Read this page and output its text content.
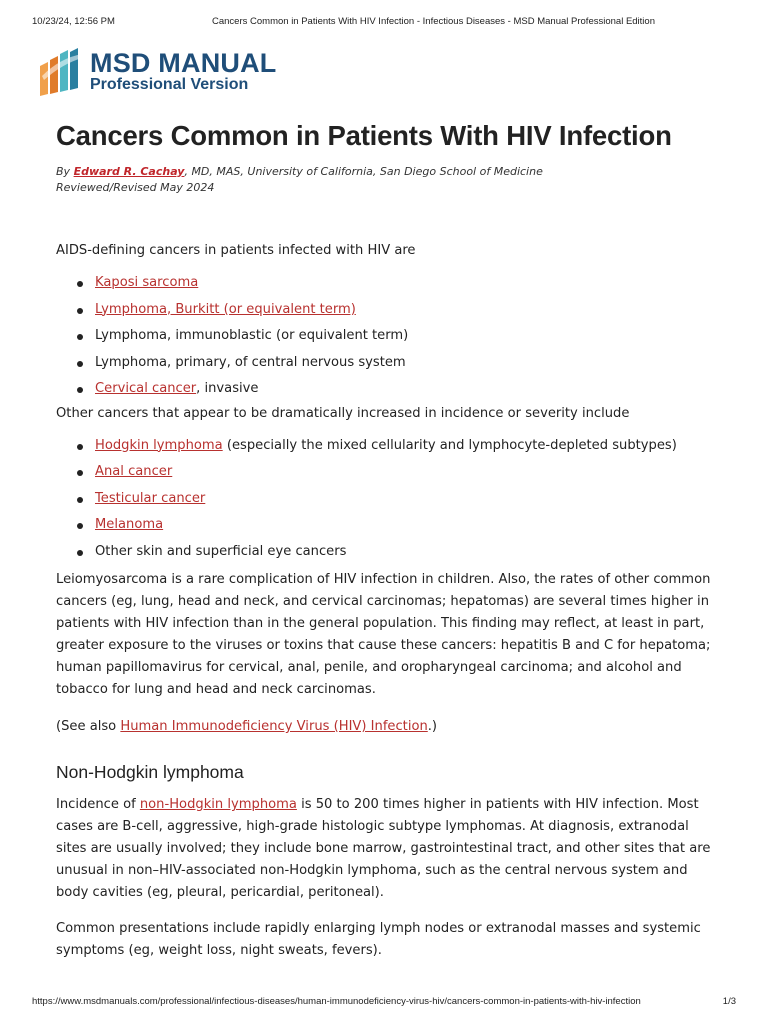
10/23/24, 12:56 PM	Cancers Common in Patients With HIV Infection - Infectious Diseases - MSD Manual Professional Edition
MSD MANUAL
Professional Version
Cancers Common in Patients With HIV Infection
By Edward R. Cachay, MD, MAS, University of California, San Diego School of Medicine
Reviewed/Revised May 2024

AIDS-defining cancers in patients infected with HIV are

Kaposi sarcoma
Lymphoma, Burkitt (or equivalent term)
Lymphoma, immunoblastic (or equivalent term)
Lymphoma, primary, of central nervous system
Cervical cancer, invasive

Other cancers that appear to be dramatically increased in incidence or severity include

Hodgkin lymphoma (especially the mixed cellularity and lymphocyte-depleted subtypes)
Anal cancer
Testicular cancer
Melanoma
Other skin and superficial eye cancers

Leiomyosarcoma is a rare complication of HIV infection in children. Also, the rates of other common cancers (eg, lung, head and neck, and cervical carcinomas; hepatomas) are several times higher in patients with HIV infection than in the general population. This finding may reflect, at least in part, greater exposure to the viruses or toxins that cause these cancers: hepatitis B and C for hepatoma; human papillomavirus for cervical, anal, penile, and oropharyngeal carcinoma; and alcohol and tobacco for lung and head and neck carcinomas.

(See also Human Immunodeficiency Virus (HIV) Infection.)

Non-Hodgkin lymphoma

Incidence of non-Hodgkin lymphoma is 50 to 200 times higher in patients with HIV infection. Most cases are B-cell, aggressive, high-grade histologic subtype lymphomas. At diagnosis, extranodal sites are usually involved; they include bone marrow, gastrointestinal tract, and other sites that are unusual in non–HIV-associated non-Hodgkin lymphoma, such as the central nervous system and body cavities (eg, pleural, pericardial, peritoneal).

Common presentations include rapidly enlarging lymph nodes or extranodal masses and systemic symptoms (eg, weight loss, night sweats, fevers).

https://www.msdmanuals.com/professional/infectious-diseases/human-immunodeficiency-virus-hiv/cancers-common-in-patients-with-hiv-infection	1/3
